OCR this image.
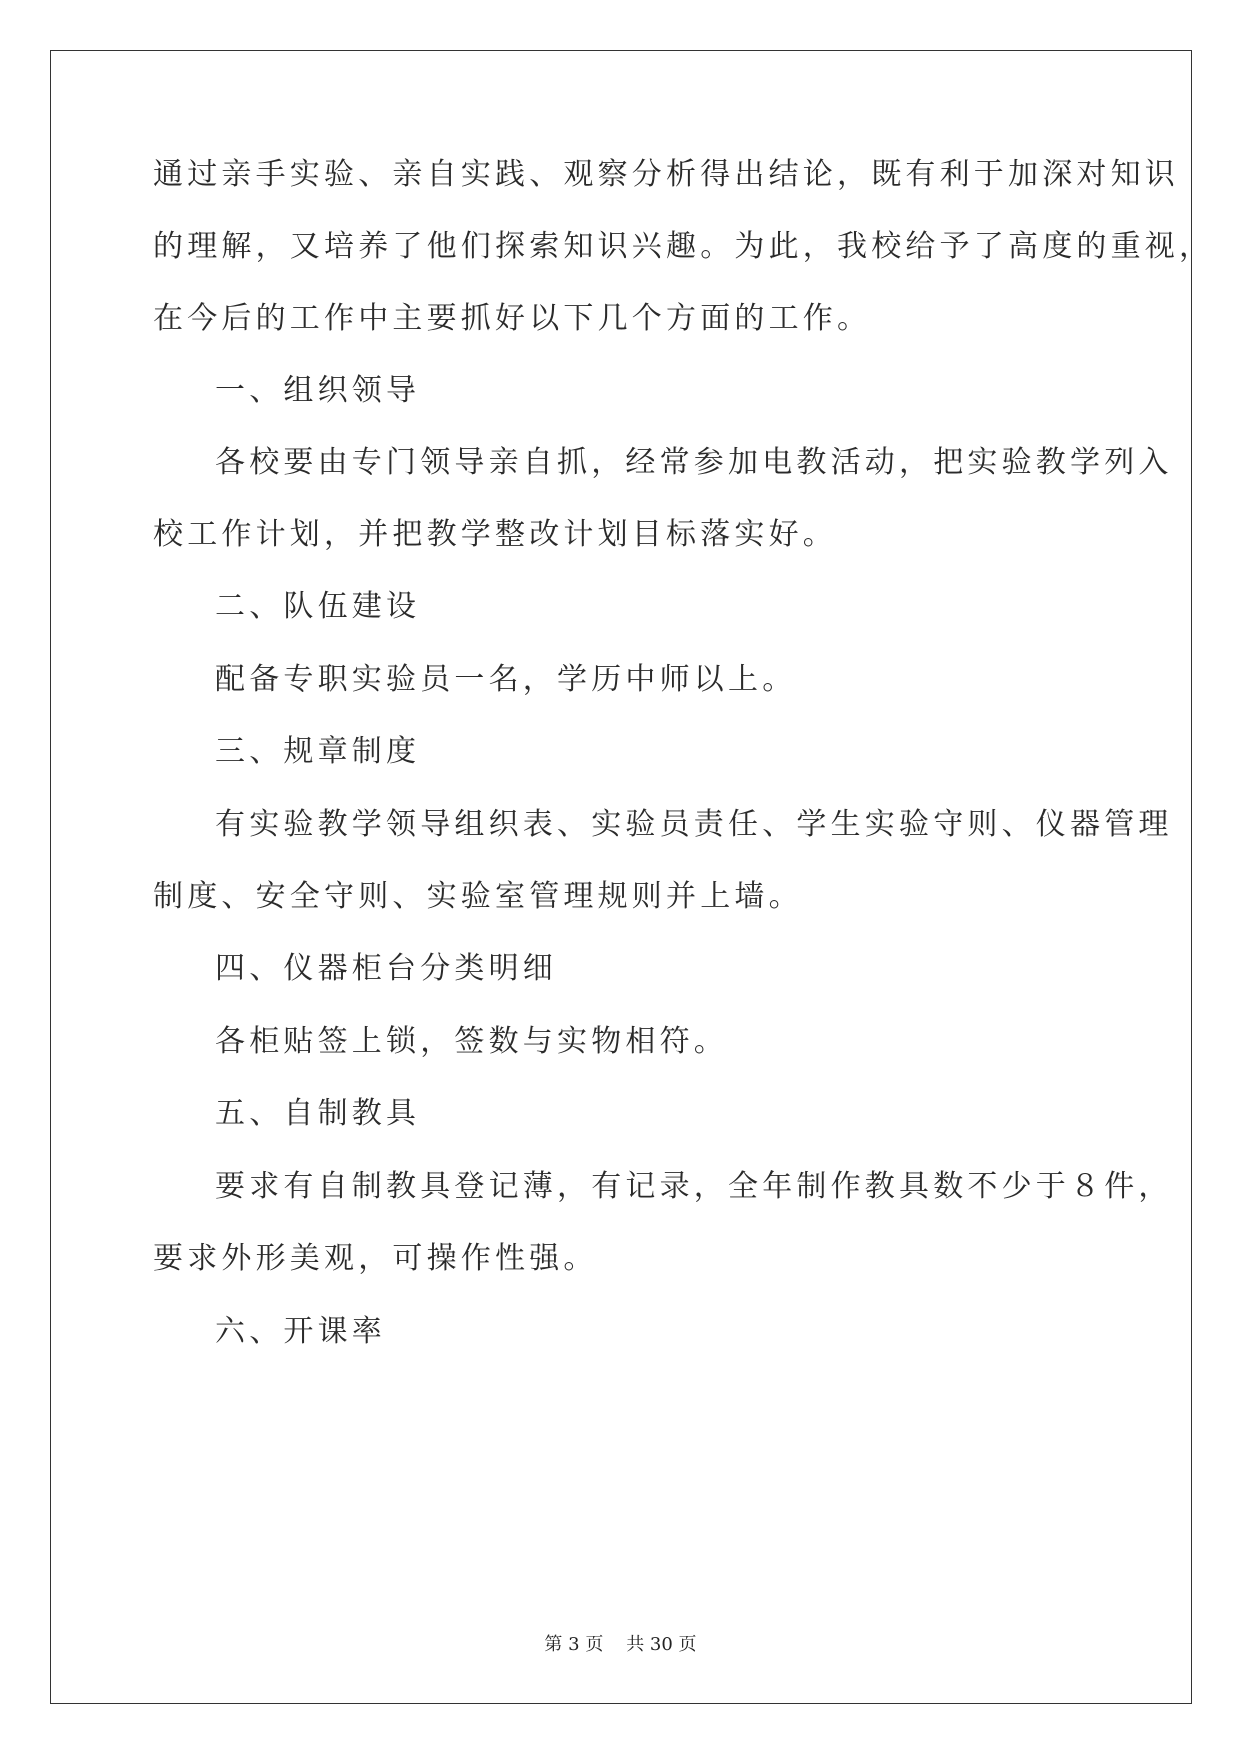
通过亲手实验、亲自实践、观察分析得出结论，既有利于加深对知识
的理解，又培养了他们探索知识兴趣。为此，我校给予了高度的重视，
在今后的工作中主要抓好以下几个方面的工作。
一、组织领导
各校要由专门领导亲自抓，经常参加电教活动，把实验教学列入
校工作计划，并把教学整改计划目标落实好。
二、队伍建设
配备专职实验员一名，学历中师以上。
三、规章制度
有实验教学领导组织表、实验员责任、学生实验守则、仪器管理
制度、安全守则、实验室管理规则并上墙。
四、仪器柜台分类明细
各柜贴签上锁，签数与实物相符。
五、自制教具
要求有自制教具登记薄，有记录，全年制作教具数不少于８件，
要求外形美观，可操作性强。
六、开课率
第 3 页    共 30 页
